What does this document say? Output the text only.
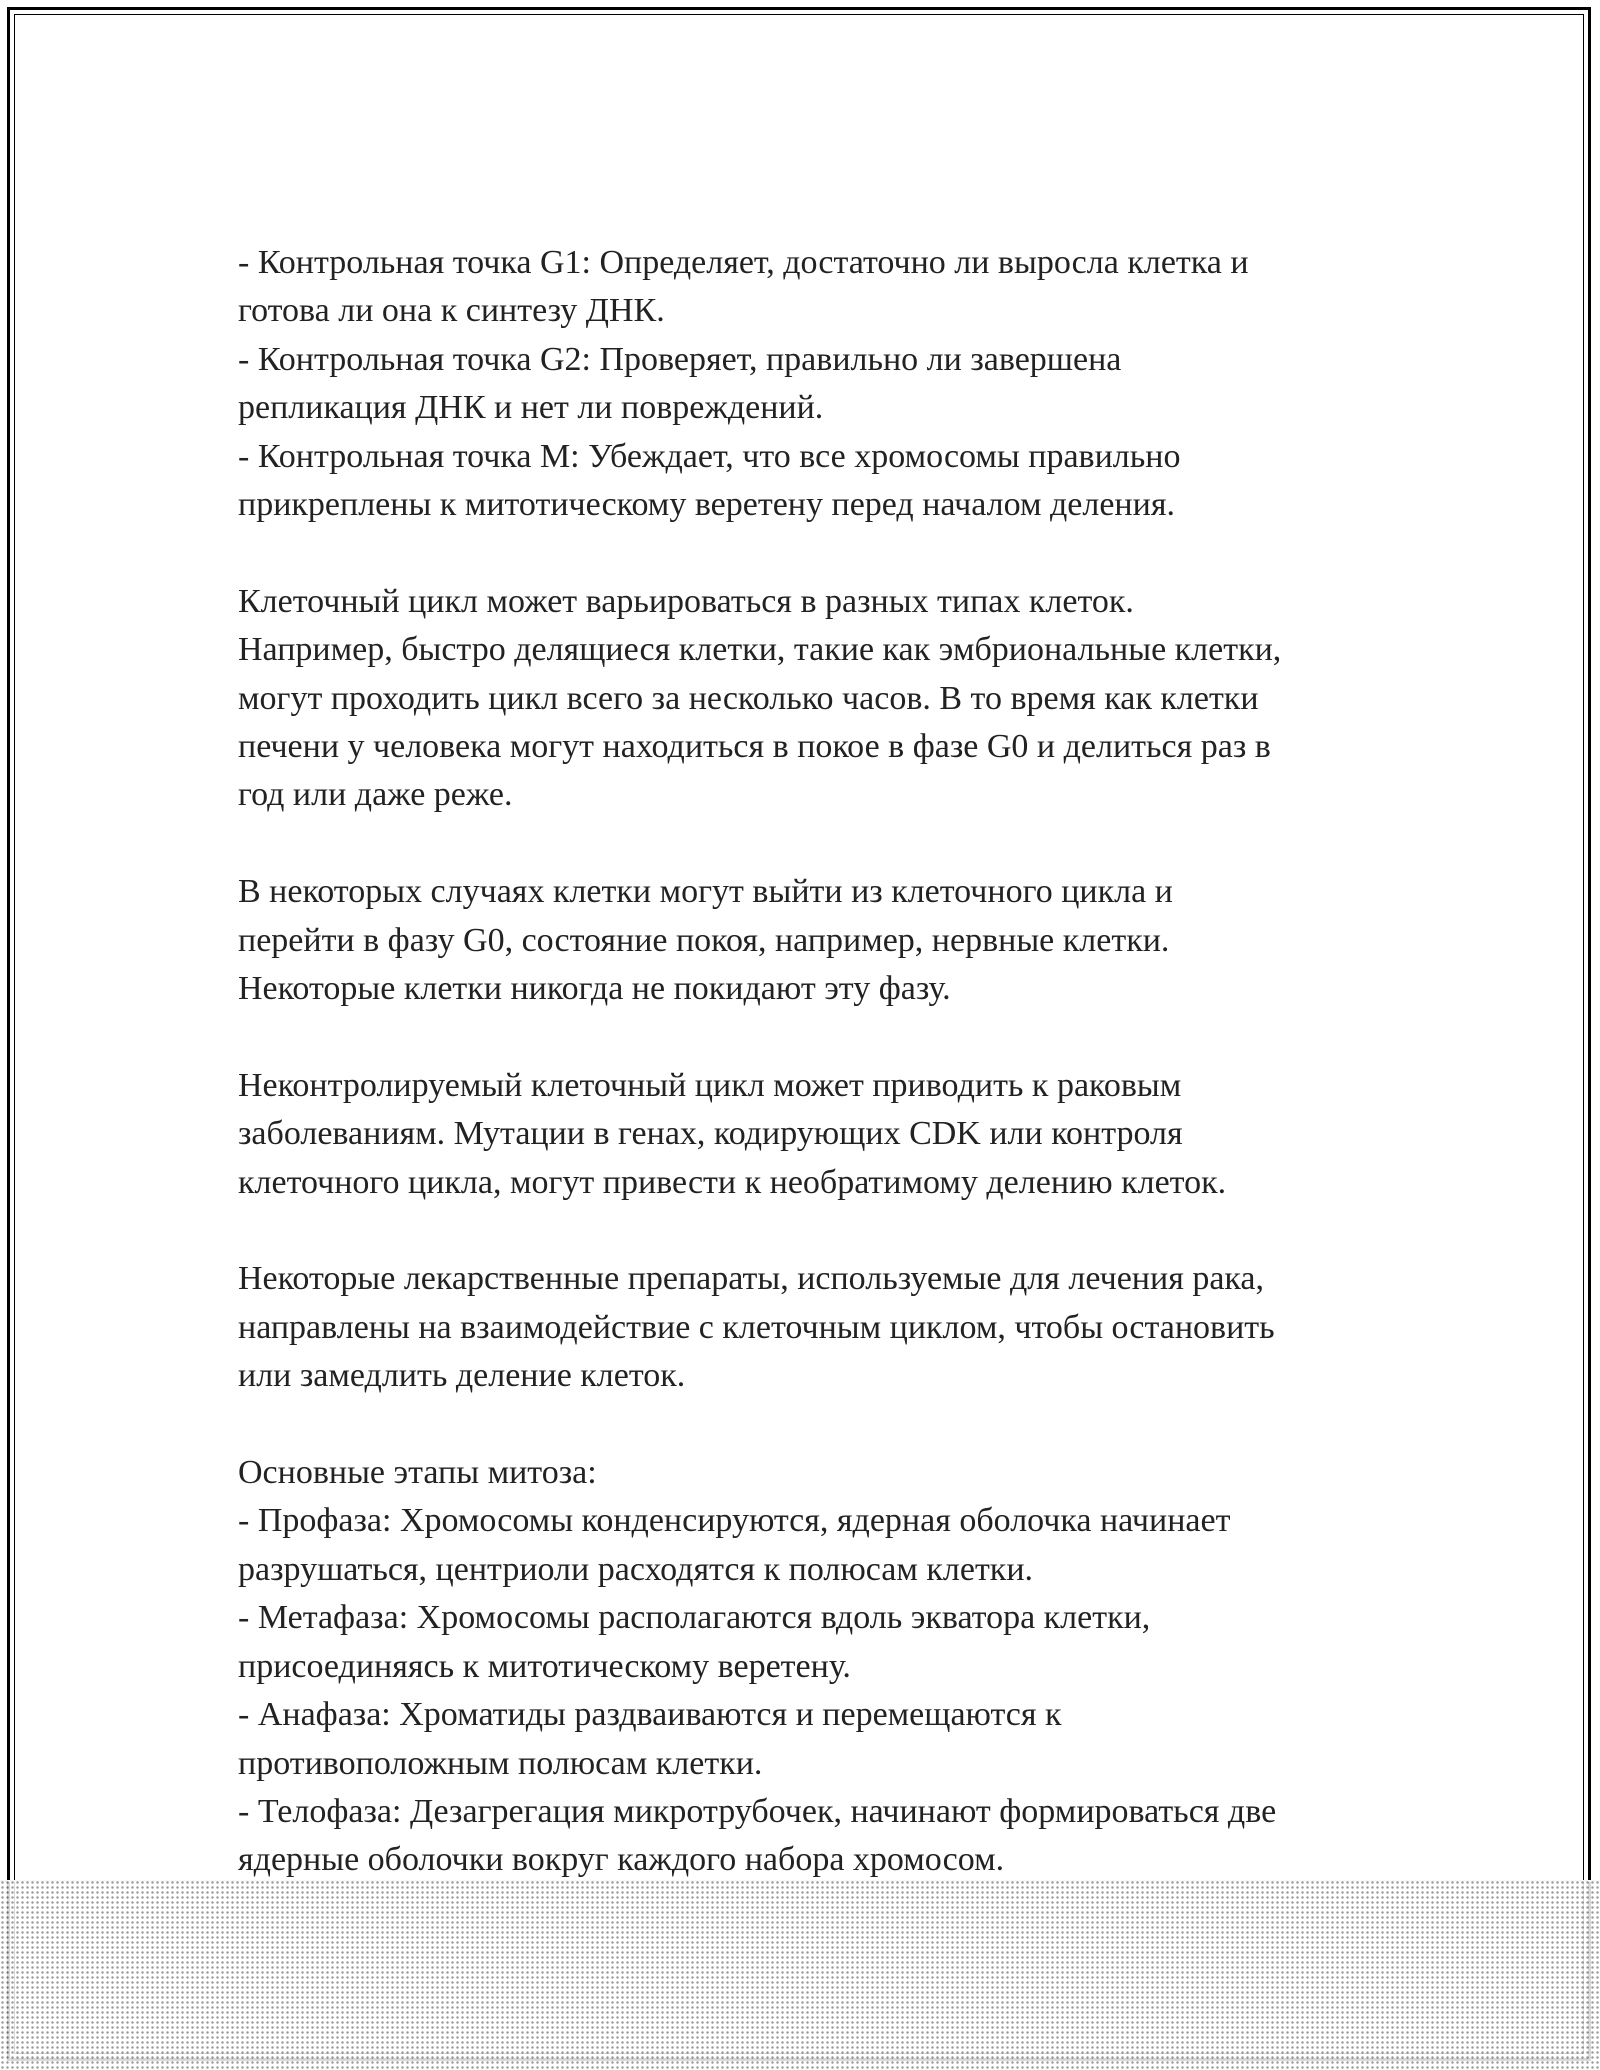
- Контрольная точка G1: Определяет, достаточно ли выросла клетка и
готова ли она к синтезу ДНК.
- Контрольная точка G2: Проверяет, правильно ли завершена
репликация ДНК и нет ли повреждений.
- Контрольная точка M: Убеждает, что все хромосомы правильно
прикреплены к митотическому веретену перед началом деления.

Клеточный цикл может варьироваться в разных типах клеток.
Например, быстро делящиеся клетки, такие как эмбриональные клетки,
могут проходить цикл всего за несколько часов. В то время как клетки
печени у человека могут находиться в покое в фазе G0 и делиться раз в
год или даже реже.

В некоторых случаях клетки могут выйти из клеточного цикла и
перейти в фазу G0, состояние покоя, например, нервные клетки.
Некоторые клетки никогда не покидают эту фазу.

Неконтролируемый клеточный цикл может приводить к раковым
заболеваниям. Мутации в генах, кодирующих CDK или контроля
клеточного цикла, могут привести к необратимому делению клеток.

Некоторые лекарственные препараты, используемые для лечения рака,
направлены на взаимодействие с клеточным циклом, чтобы остановить
или замедлить деление клеток.

Основные этапы митоза:
- Профаза: Хромосомы конденсируются, ядерная оболочка начинает
разрушаться, центриоли расходятся к полюсам клетки.
- Метафаза: Хромосомы располагаются вдоль экватора клетки,
присоединяясь к митотическому веретену.
- Анафаза: Хроматиды раздваиваются и перемещаются к
противоположным полюсам клетки.
- Телофаза: Дезагрегация микротрубочек, начинают формироваться две
ядерные оболочки вокруг каждого набора хромосом.
